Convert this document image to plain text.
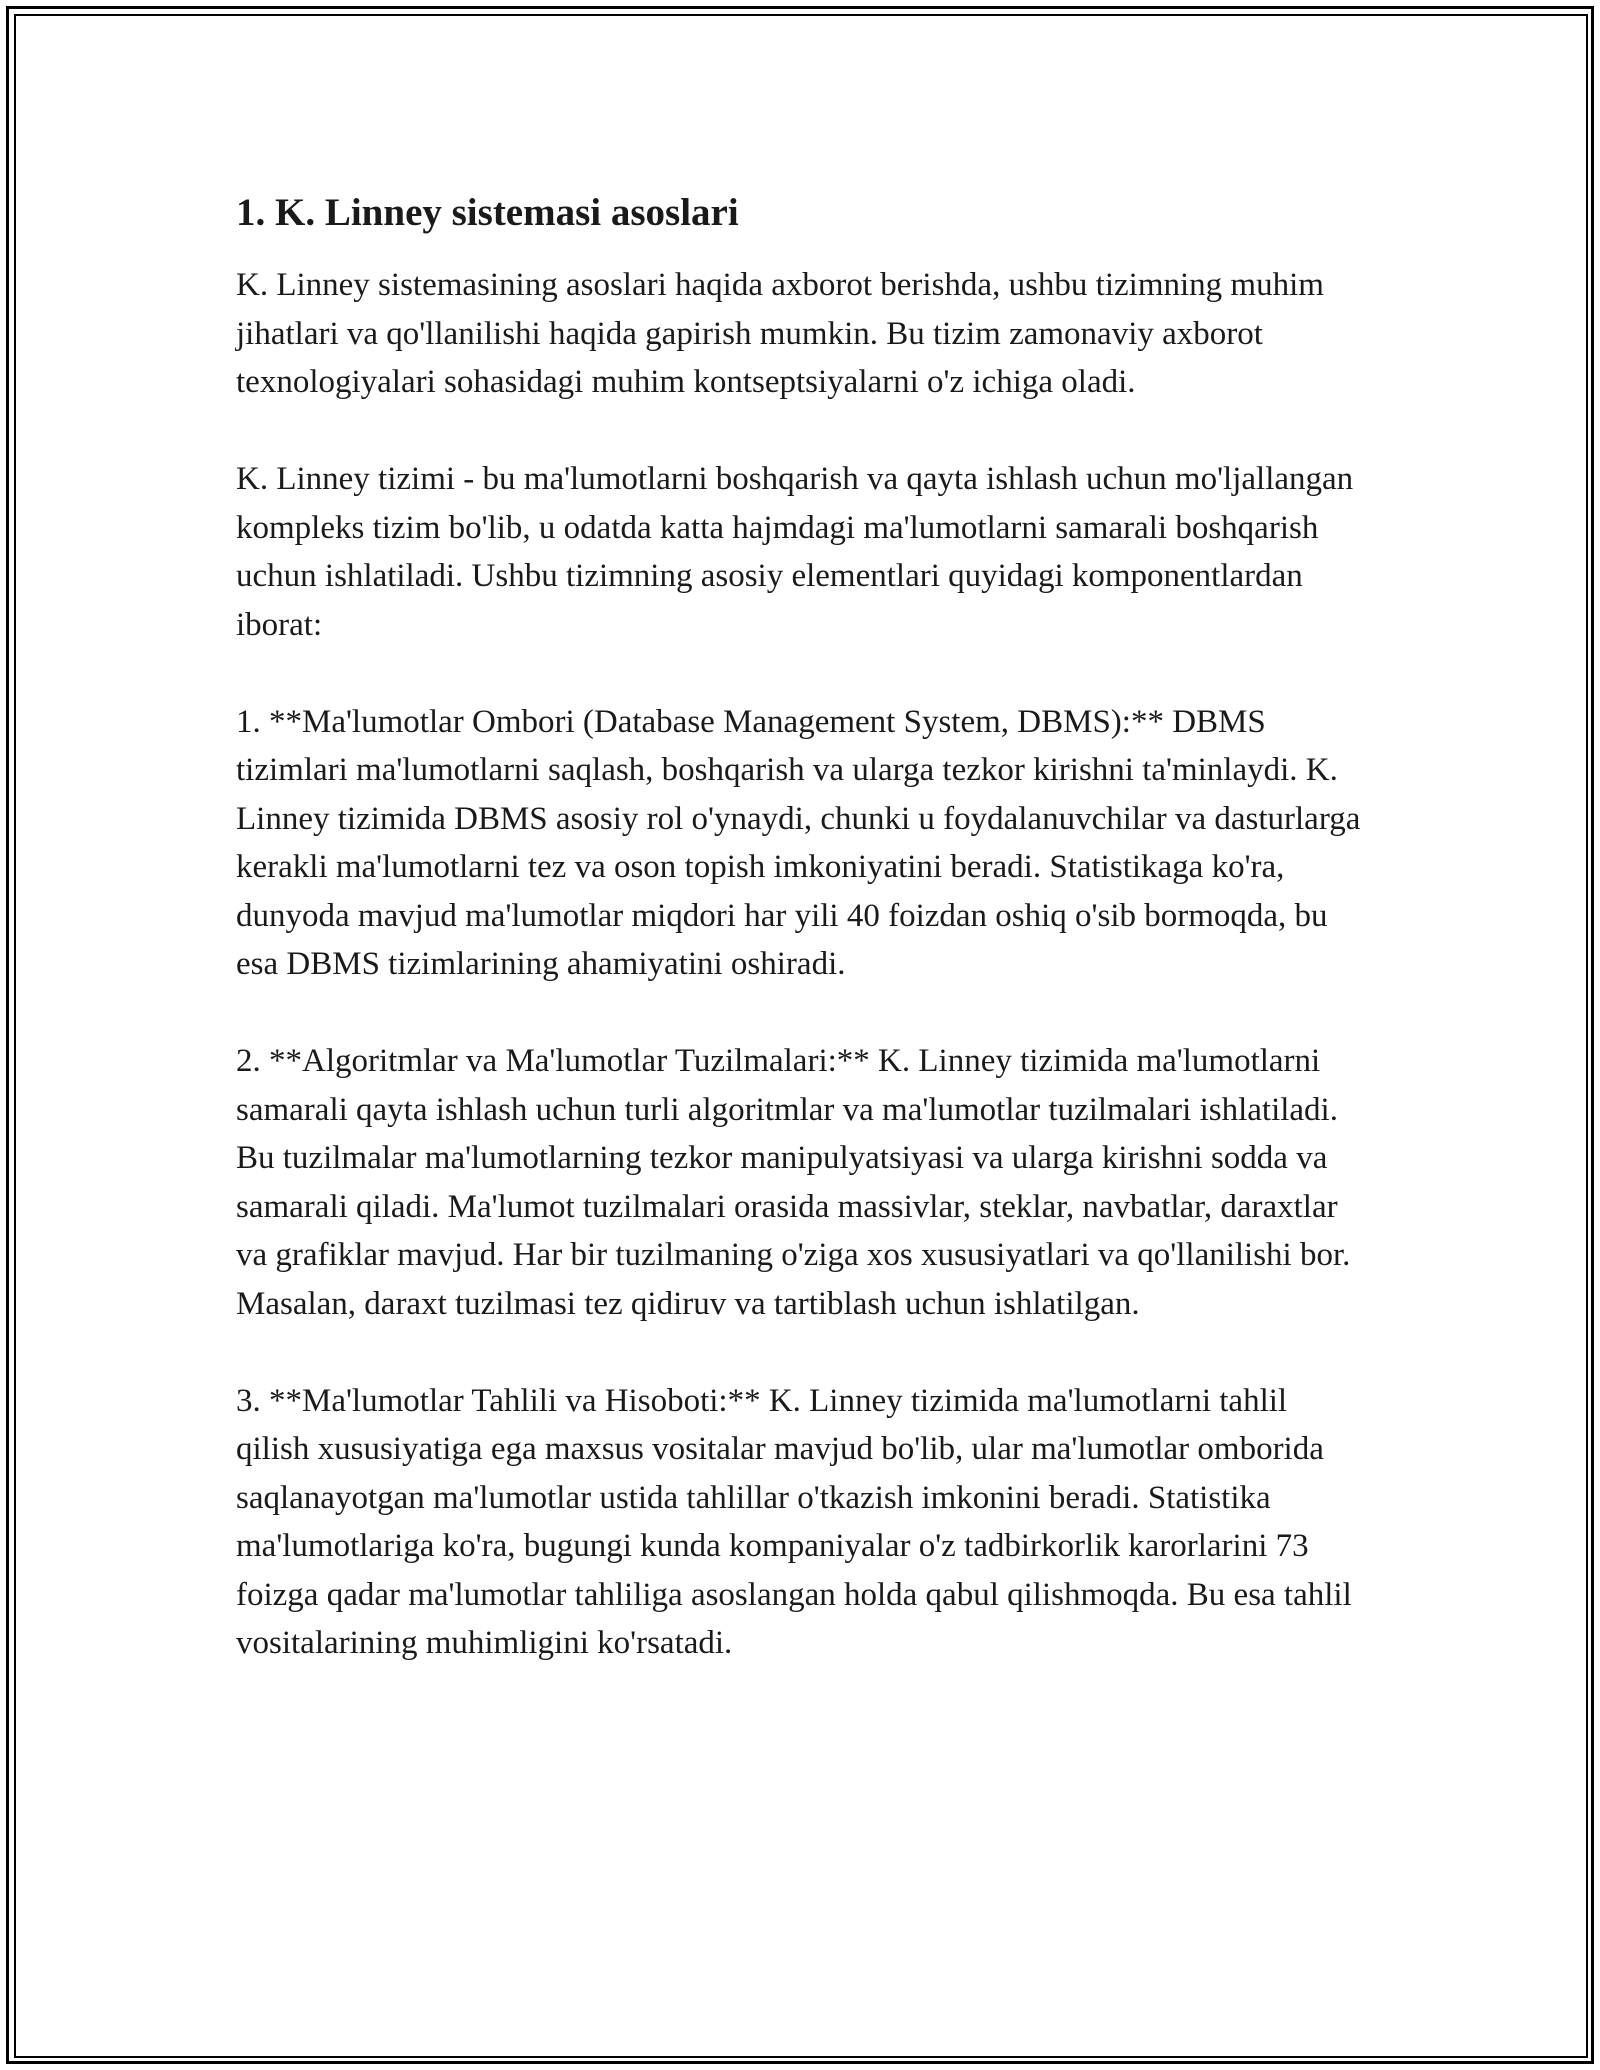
1. K. Linney sistemasi asoslari

K. Linney sistemasining asoslari haqida axborot berishda, ushbu tizimning muhim jihatlari va qo'llanilishi haqida gapirish mumkin. Bu tizim zamonaviy axborot texnologiyalari sohasidagi muhim kontseptsiyalarni o'z ichiga oladi.

K. Linney tizimi - bu ma'lumotlarni boshqarish va qayta ishlash uchun mo'ljallangan kompleks tizim bo'lib, u odatda katta hajmdagi ma'lumotlarni samarali boshqarish uchun ishlatiladi. Ushbu tizimning asosiy elementlari quyidagi komponentlardan iborat:

1. **Ma'lumotlar Ombori (Database Management System, DBMS):** DBMS tizimlari ma'lumotlarni saqlash, boshqarish va ularga tezkor kirishni ta'minlaydi. K. Linney tizimida DBMS asosiy rol o'ynaydi, chunki u foydalanuvchilar va dasturlarga kerakli ma'lumotlarni tez va oson topish imkoniyatini beradi. Statistikaga ko'ra, dunyoda mavjud ma'lumotlar miqdori har yili 40 foizdan oshiq o'sib bormoqda, bu esa DBMS tizimlarining ahamiyatini oshiradi.

2. **Algoritmlar va Ma'lumotlar Tuzilmalari:** K. Linney tizimida ma'lumotlarni samarali qayta ishlash uchun turli algoritmlar va ma'lumotlar tuzilmalari ishlatiladi. Bu tuzilmalar ma'lumotlarning tezkor manipulyatsiyasi va ularga kirishni sodda va samarali qiladi. Ma'lumot tuzilmalari orasida massivlar, steklar, navbatlar, daraxtlar va grafiklar mavjud. Har bir tuzilmaning o'ziga xos xususiyatlari va qo'llanilishi bor. Masalan, daraxt tuzilmasi tez qidiruv va tartiblash uchun ishlatilgan.

3. **Ma'lumotlar Tahlili va Hisoboti:** K. Linney tizimida ma'lumotlarni tahlil qilish xususiyatiga ega maxsus vositalar mavjud bo'lib, ular ma'lumotlar omborida saqlanayotgan ma'lumotlar ustida tahlillar o'tkazish imkonini beradi. Statistika ma'lumotlariga ko'ra, bugungi kunda kompaniyalar o'z tadbirkorlik karorlarini 73 foizga qadar ma'lumotlar tahliliga asoslangan holda qabul qilishmoqda. Bu esa tahlil vositalarining muhimligini ko'rsatadi.
